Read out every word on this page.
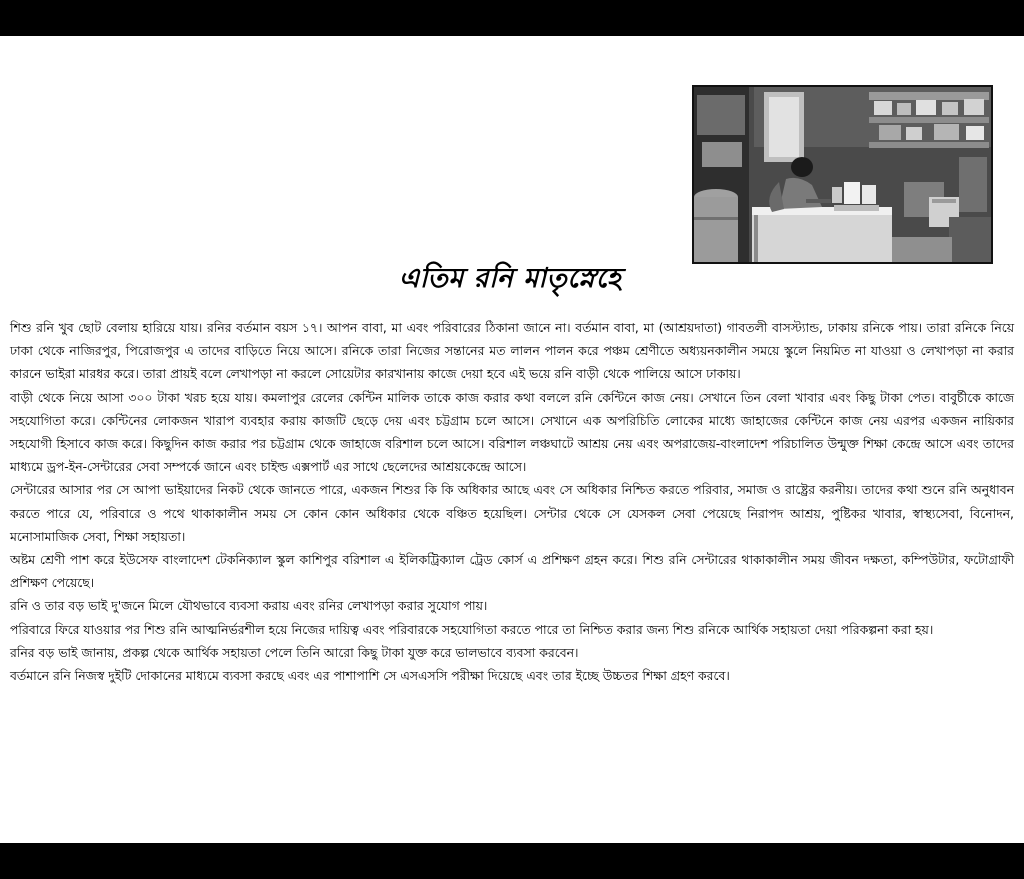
এতিম রনি মাতৃস্নেহে

শিশু রনি খুব ছোট বেলায় হারিয়ে যায়। রনির বর্তমান বয়স ১৭। আপন বাবা, মা এবং পরিবারের ঠিকানা জানে না। বর্তমান বাবা, মা (আশ্রয়দাতা) গাবতলী বাসস্ট্যান্ড, ঢাকায় রনিকে পায়। তারা রনিকে নিয়ে ঢাকা থেকে নাজিরপুর, পিরোজপুর এ তাদের বাড়িতে নিয়ে আসে। রনিকে তারা নিজের সন্তানের মত লালন পালন করে পঞ্চম শ্রেণীতে অধ্যয়নকালীন সময়ে স্কুলে নিয়মিত না যাওয়া ও লেখাপড়া না করার কারনে ভাইরা মারধর করে। তারা প্রায়ই বলে লেখাপড়া না করলে সোয়েটার কারখানায় কাজে দেয়া হবে এই ভয়ে রনি বাড়ী থেকে পালিয়ে আসে ঢাকায়।

বাড়ী থেকে নিয়ে আসা ৩০০ টাকা খরচ হয়ে যায়। কমলাপুর রেলের কেন্টিন মালিক তাকে কাজ করার কথা বললে রনি কেন্টিনে কাজ নেয়। সেখানে তিন বেলা খাবার এবং কিছু টাকা পেত। বাবুর্চীকে কাজে সহযোগিতা করে। কেন্টিনের লোকজন খারাপ ব্যবহার করায় কাজটি ছেড়ে দেয় এবং চট্টগ্রাম চলে আসে। সেখানে এক অপরিচিতি লোকের মাধ্যে জাহাজের কেন্টিনে কাজ নেয় এরপর একজন নায়িকার সহযোগী হিসাবে কাজ করে। কিছুদিন কাজ করার পর চট্টগ্রাম থেকে জাহাজে বরিশাল চলে আসে। বরিশাল লঞ্চঘাটে আশ্রয় নেয় এবং অপরাজেয়-বাংলাদেশ পরিচালিত উন্মুক্ত শিক্ষা কেন্দ্রে আসে এবং তাদের মাধ্যমে ড্রপ-ইন-সেন্টারের সেবা সম্পর্কে জানে এবং চাইল্ড এক্সপার্ট এর সাথে ছেলেদের আশ্রয়কেন্দ্রে আসে।

সেন্টারের আসার পর সে আপা ভাইয়াদের নিকট থেকে জানতে পারে, একজন শিশুর কি কি অধিকার আছে এবং সে অধিকার নিশ্চিত করতে পরিবার, সমাজ ও রাষ্ট্রের করনীয়। তাদের কথা শুনে রনি অনুধাবন করতে পারে যে, পরিবারে ও পথে থাকাকালীন সময় সে কোন কোন অধিকার থেকে বঞ্চিত হয়েছিল। সেন্টার থেকে সে যেসকল সেবা পেয়েছে নিরাপদ আশ্রয়, পুষ্টিকর খাবার, স্বাস্থ্যসেবা, বিনোদন, মনোসামাজিক সেবা, শিক্ষা সহায়তা।

অষ্টম শ্রেণী পাশ করে ইউসেফ বাংলাদেশ টেকনিক্যাল স্কুল কাশিপুর বরিশাল এ ইলিকট্রিক্যাল ট্রেড কোর্স এ প্রশিক্ষণ গ্রহন করে। শিশু রনি সেন্টারের থাকাকালীন সময় জীবন দক্ষতা, কম্পিউটার, ফটোগ্রাফী প্রশিক্ষণ পেয়েছে।

রনি ও তার বড় ভাই দু'জনে মিলে যৌথভাবে ব্যবসা করায় এবং রনির লেখাপড়া করার সুযোগ পায়।

পরিবারে ফিরে যাওয়ার পর শিশু রনি আত্মনির্ভরশীল হয়ে নিজের দায়িত্ব এবং পরিবারকে সহযোগিতা করতে পারে তা নিশ্চিত করার জন্য শিশু রনিকে আর্থিক সহায়তা দেয়া পরিকল্পনা করা হয়।

রনির বড় ভাই জানায়, প্রকল্প থেকে আর্থিক সহায়তা পেলে তিনি আরো কিছু টাকা যুক্ত করে ভালভাবে ব্যবসা করবেন।

বর্তমানে রনি নিজস্ব দুইটি দোকানের মাধ্যমে ব্যবসা করছে এবং এর পাশাপাশি সে এসএসসি পরীক্ষা দিয়েছে এবং তার ইচ্ছে উচ্চতর শিক্ষা গ্রহণ করবে।
